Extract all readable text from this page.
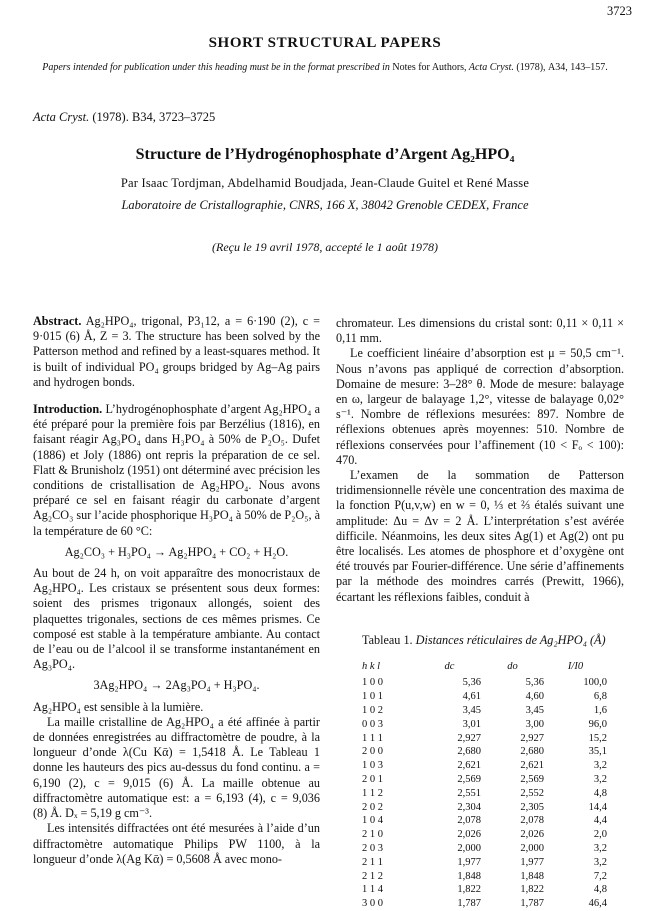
3723
SHORT STRUCTURAL PAPERS
Papers intended for publication under this heading must be in the format prescribed in Notes for Authors, Acta Cryst. (1978), A34, 143–157.
Acta Cryst. (1978). B34, 3723–3725
Structure de l’Hydrogénophosphate d’Argent Ag₂HPO₄
Par Isaac Tordjman, Abdelhamid Boudjada, Jean-Claude Guitel et René Masse
Laboratoire de Cristallographie, CNRS, 166 X, 38042 Grenoble CEDEX, France
(Reçu le 19 avril 1978, accepté le 1 août 1978)

Abstract. Ag₂HPO₄, trigonal, P3₁12, a = 6·190 (2), c = 9·015 (6) Å, Z = 3. The structure has been solved by the Patterson method and refined by a least-squares method. It is built of individual PO₄ groups bridged by Ag–Ag pairs and hydrogen bonds.

Introduction. L’hydrogénophosphate d’argent Ag₂HPO₄ a été préparé pour la première fois par Berzélius (1816), en faisant réagir Ag₃PO₄ dans H₃PO₄ à 50% de P₂O₅. Dufet (1886) et Joly (1886) ont repris la préparation de ce sel. Flatt & Brunisholz (1951) ont déterminé avec précision les conditions de cristallisation de Ag₂HPO₄. Nous avons préparé ce sel en faisant réagir du carbonate d’argent Ag₂CO₃ sur l’acide phosphorique H₃PO₄ à 50% de P₂O₅, à la température de 60 °C:

Ag₂CO₃ + H₃PO₄ → Ag₂HPO₄ + CO₂ + H₂O.

Au bout de 24 h, on voit apparaître des monocristaux de Ag₂HPO₄. Les cristaux se présentent sous deux formes: soient des prismes trigonaux allongés, soient des plaquettes trigonales, sections de ces mêmes prismes. Ce composé est stable à la température ambiante. Au contact de l’eau ou de l’alcool il se transforme instantanément en Ag₃PO₄.

3Ag₂HPO₄ → 2Ag₃PO₄ + H₃PO₄.

Ag₂HPO₄ est sensible à la lumière.

La maille cristalline de Ag₂HPO₄ a été affinée à partir de données enregistrées au diffractomètre de poudre, à la longueur d’onde λ(Cu Kᾱ) = 1,5418 Å. Le Tableau 1 donne les hauteurs des pics au-dessus du fond continu. a = 6,190 (2), c = 9,015 (6) Å. La maille obtenue au diffractomètre automatique est: a = 6,193 (4), c = 9,036 (8) Å. Dₓ = 5,19 g cm⁻³.

Les intensités diffractées ont été mesurées à l’aide d’un diffractomètre automatique Philips PW 1100, à la longueur d’onde λ(Ag Kᾱ) = 0,5608 Å avec mono-

chromateur. Les dimensions du cristal sont: 0,11 × 0,11 × 0,11 mm.

Le coefficient linéaire d’absorption est μ = 50,5 cm⁻¹. Nous n’avons pas appliqué de correction d’absorption. Domaine de mesure: 3–28° θ. Mode de mesure: balayage en ω, largeur de balayage 1,2°, vitesse de balayage 0,02° s⁻¹. Nombre de réflexions mesurées: 897. Nombre de réflexions obtenues après moyennes: 510. Nombre de réflexions conservées pour l’affinement (10 < Fₒ < 100): 470.

L’examen de la sommation de Patterson tridimensionnelle révèle une concentration des maxima de la fonction P(u,v,w) en w = 0, ⅓ et ⅔ étalés suivant une amplitude: Δu = Δv = 2 Å. L’interprétation s’est avérée difficile. Néanmoins, les deux sites Ag(1) et Ag(2) ont pu être localisés. Les atomes de phosphore et d’oxygène ont été trouvés par Fourier-différence. Une série d’affinements par la méthode des moindres carrés (Prewitt, 1966), écartant les réflexions faibles, conduit à

Tableau 1. Distances réticulaires de Ag₂HPO₄ (Å)
h k l	dc	do	I/I0
1 0 0	5,36	5,36	100,0
1 0 1	4,61	4,60	6,8
1 0 2	3,45	3,45	1,6
0 0 3	3,01	3,00	96,0
1 1 1	2,927	2,927	15,2
2 0 0	2,680	2,680	35,1
1 0 3	2,621	2,621	3,2
2 0 1	2,569	2,569	3,2
1 1 2	2,551	2,552	4,8
2 0 2	2,304	2,305	14,4
1 0 4	2,078	2,078	4,4
2 1 0	2,026	2,026	2,0
2 0 3	2,000	2,000	3,2
2 1 1	1,977	1,977	3,2
2 1 2	1,848	1,848	7,2
1 1 4	1,822	1,822	4,8
3 0 0	1,787	1,787	46,4
